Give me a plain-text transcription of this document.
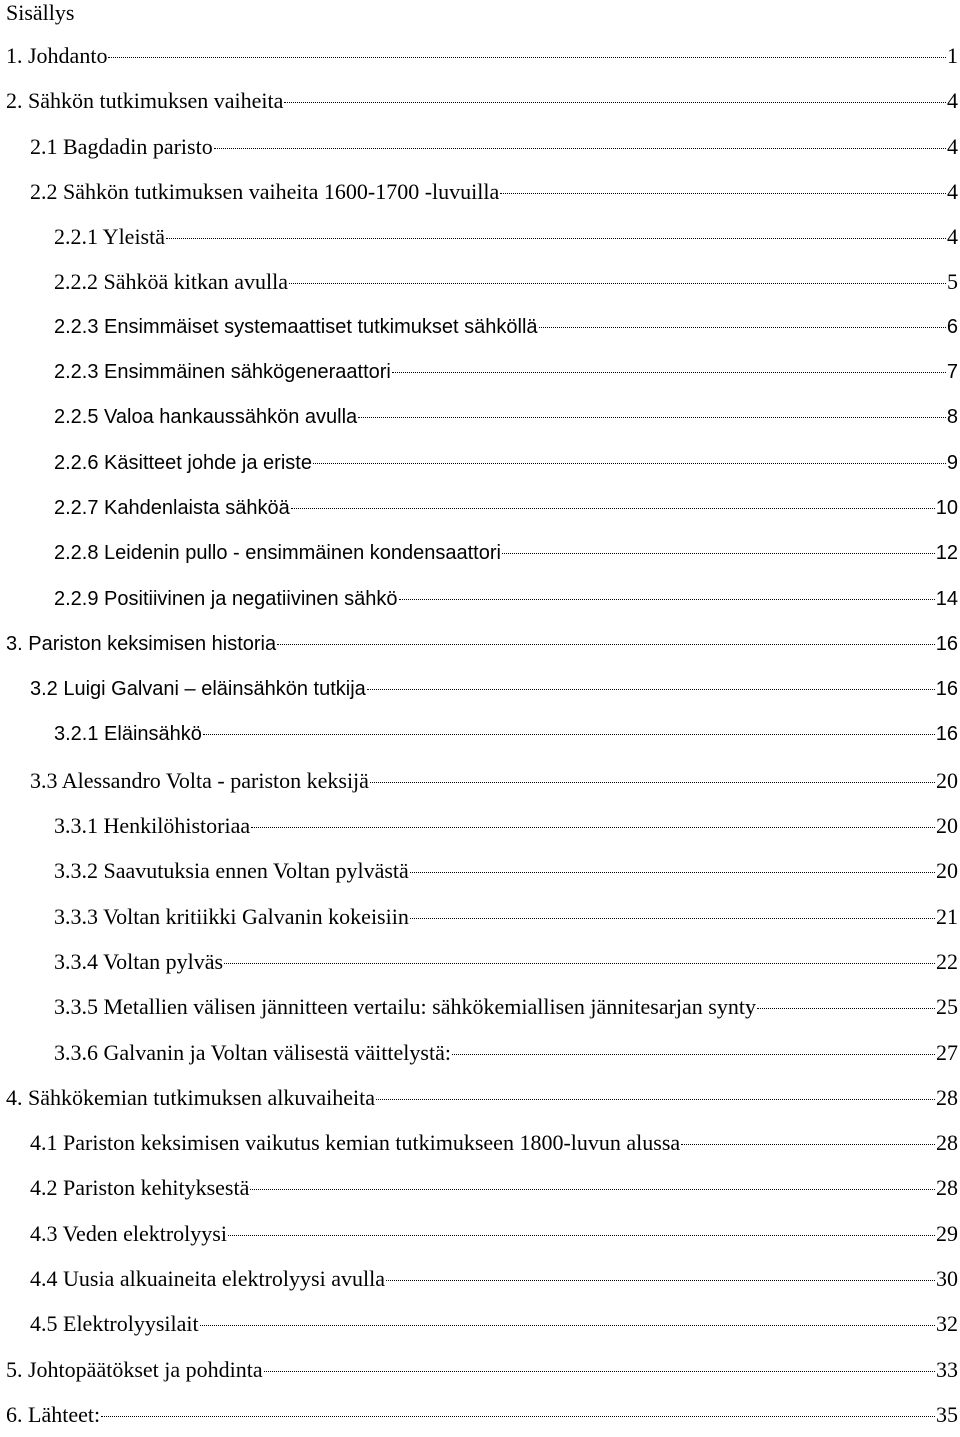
Sisällys
1. Johdanto	1
2. Sähkön tutkimuksen vaiheita	4
2.1 Bagdadin paristo	4
2.2 Sähkön tutkimuksen vaiheita 1600-1700 -luvuilla	4
2.2.1 Yleistä	4
2.2.2 Sähköä kitkan avulla	5
2.2.3 Ensimmäiset systemaattiset tutkimukset sähköllä	6
2.2.3 Ensimmäinen sähkögeneraattori	7
2.2.5 Valoa hankaussähkön avulla	8
2.2.6 Käsitteet johde ja eriste	9
2.2.7 Kahdenlaista sähköä	10
2.2.8 Leidenin pullo - ensimmäinen kondensaattori	12
2.2.9 Positiivinen ja negatiivinen sähkö	14
3. Pariston keksimisen historia	16
3.2 Luigi Galvani – eläinsähkön tutkija	16
3.2.1 Eläinsähkö	16
3.3 Alessandro Volta - pariston keksijä	20
3.3.1 Henkilöhistoriaa	20
3.3.2 Saavutuksia ennen Voltan pylvästä	20
3.3.3 Voltan kritiikki Galvanin kokeisiin	21
3.3.4 Voltan pylväs	22
3.3.5 Metallien välisen jännitteen vertailu: sähkökemiallisen jännitesarjan synty	25
3.3.6 Galvanin ja Voltan välisestä väittelystä:	27
4. Sähkökemian tutkimuksen alkuvaiheita	28
4.1 Pariston keksimisen vaikutus kemian tutkimukseen 1800-luvun alussa	28
4.2 Pariston kehityksestä	28
4.3 Veden elektrolyysi	29
4.4 Uusia alkuaineita elektrolyysi avulla	30
4.5 Elektrolyysilait	32
5. Johtopäätökset ja pohdinta	33
6. Lähteet:	35
